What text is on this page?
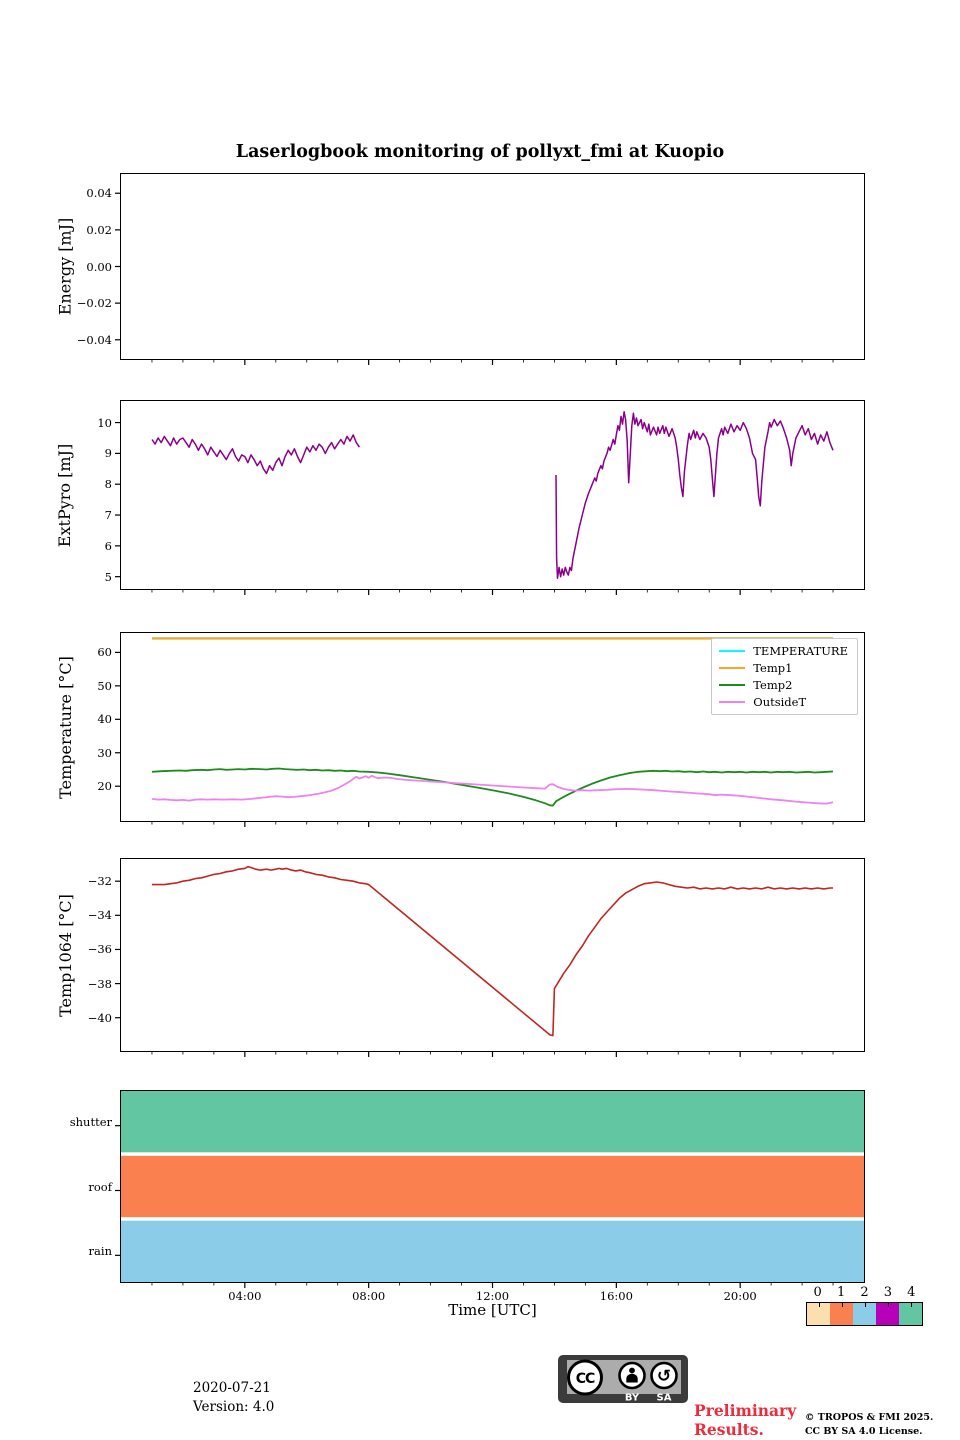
Laserlogbook monitoring of pollyxt_fmi at Kuopio
Energy [mJ]
ExtPyro [mJ]
Temperature [°C]
Temp1064 [°C]
0.04
0.02
0.00
−0.02
−0.04
10
9
8
7
6
5
60
50
40
30
20
TEMPERATURE
Temp1
Temp2
OutsideT
−32
−34
−36
−38
−40
04:00	08:00	12:00	16:00	20:00
shutter
roof
rain
Time [UTC]
2020-07-21
Version: 4.0
CC	↺
BY SA
Preliminary
Results.
© TROPOS & FMI 2025.
CC BY SA 4.0 License.
0 1 2 3 4
